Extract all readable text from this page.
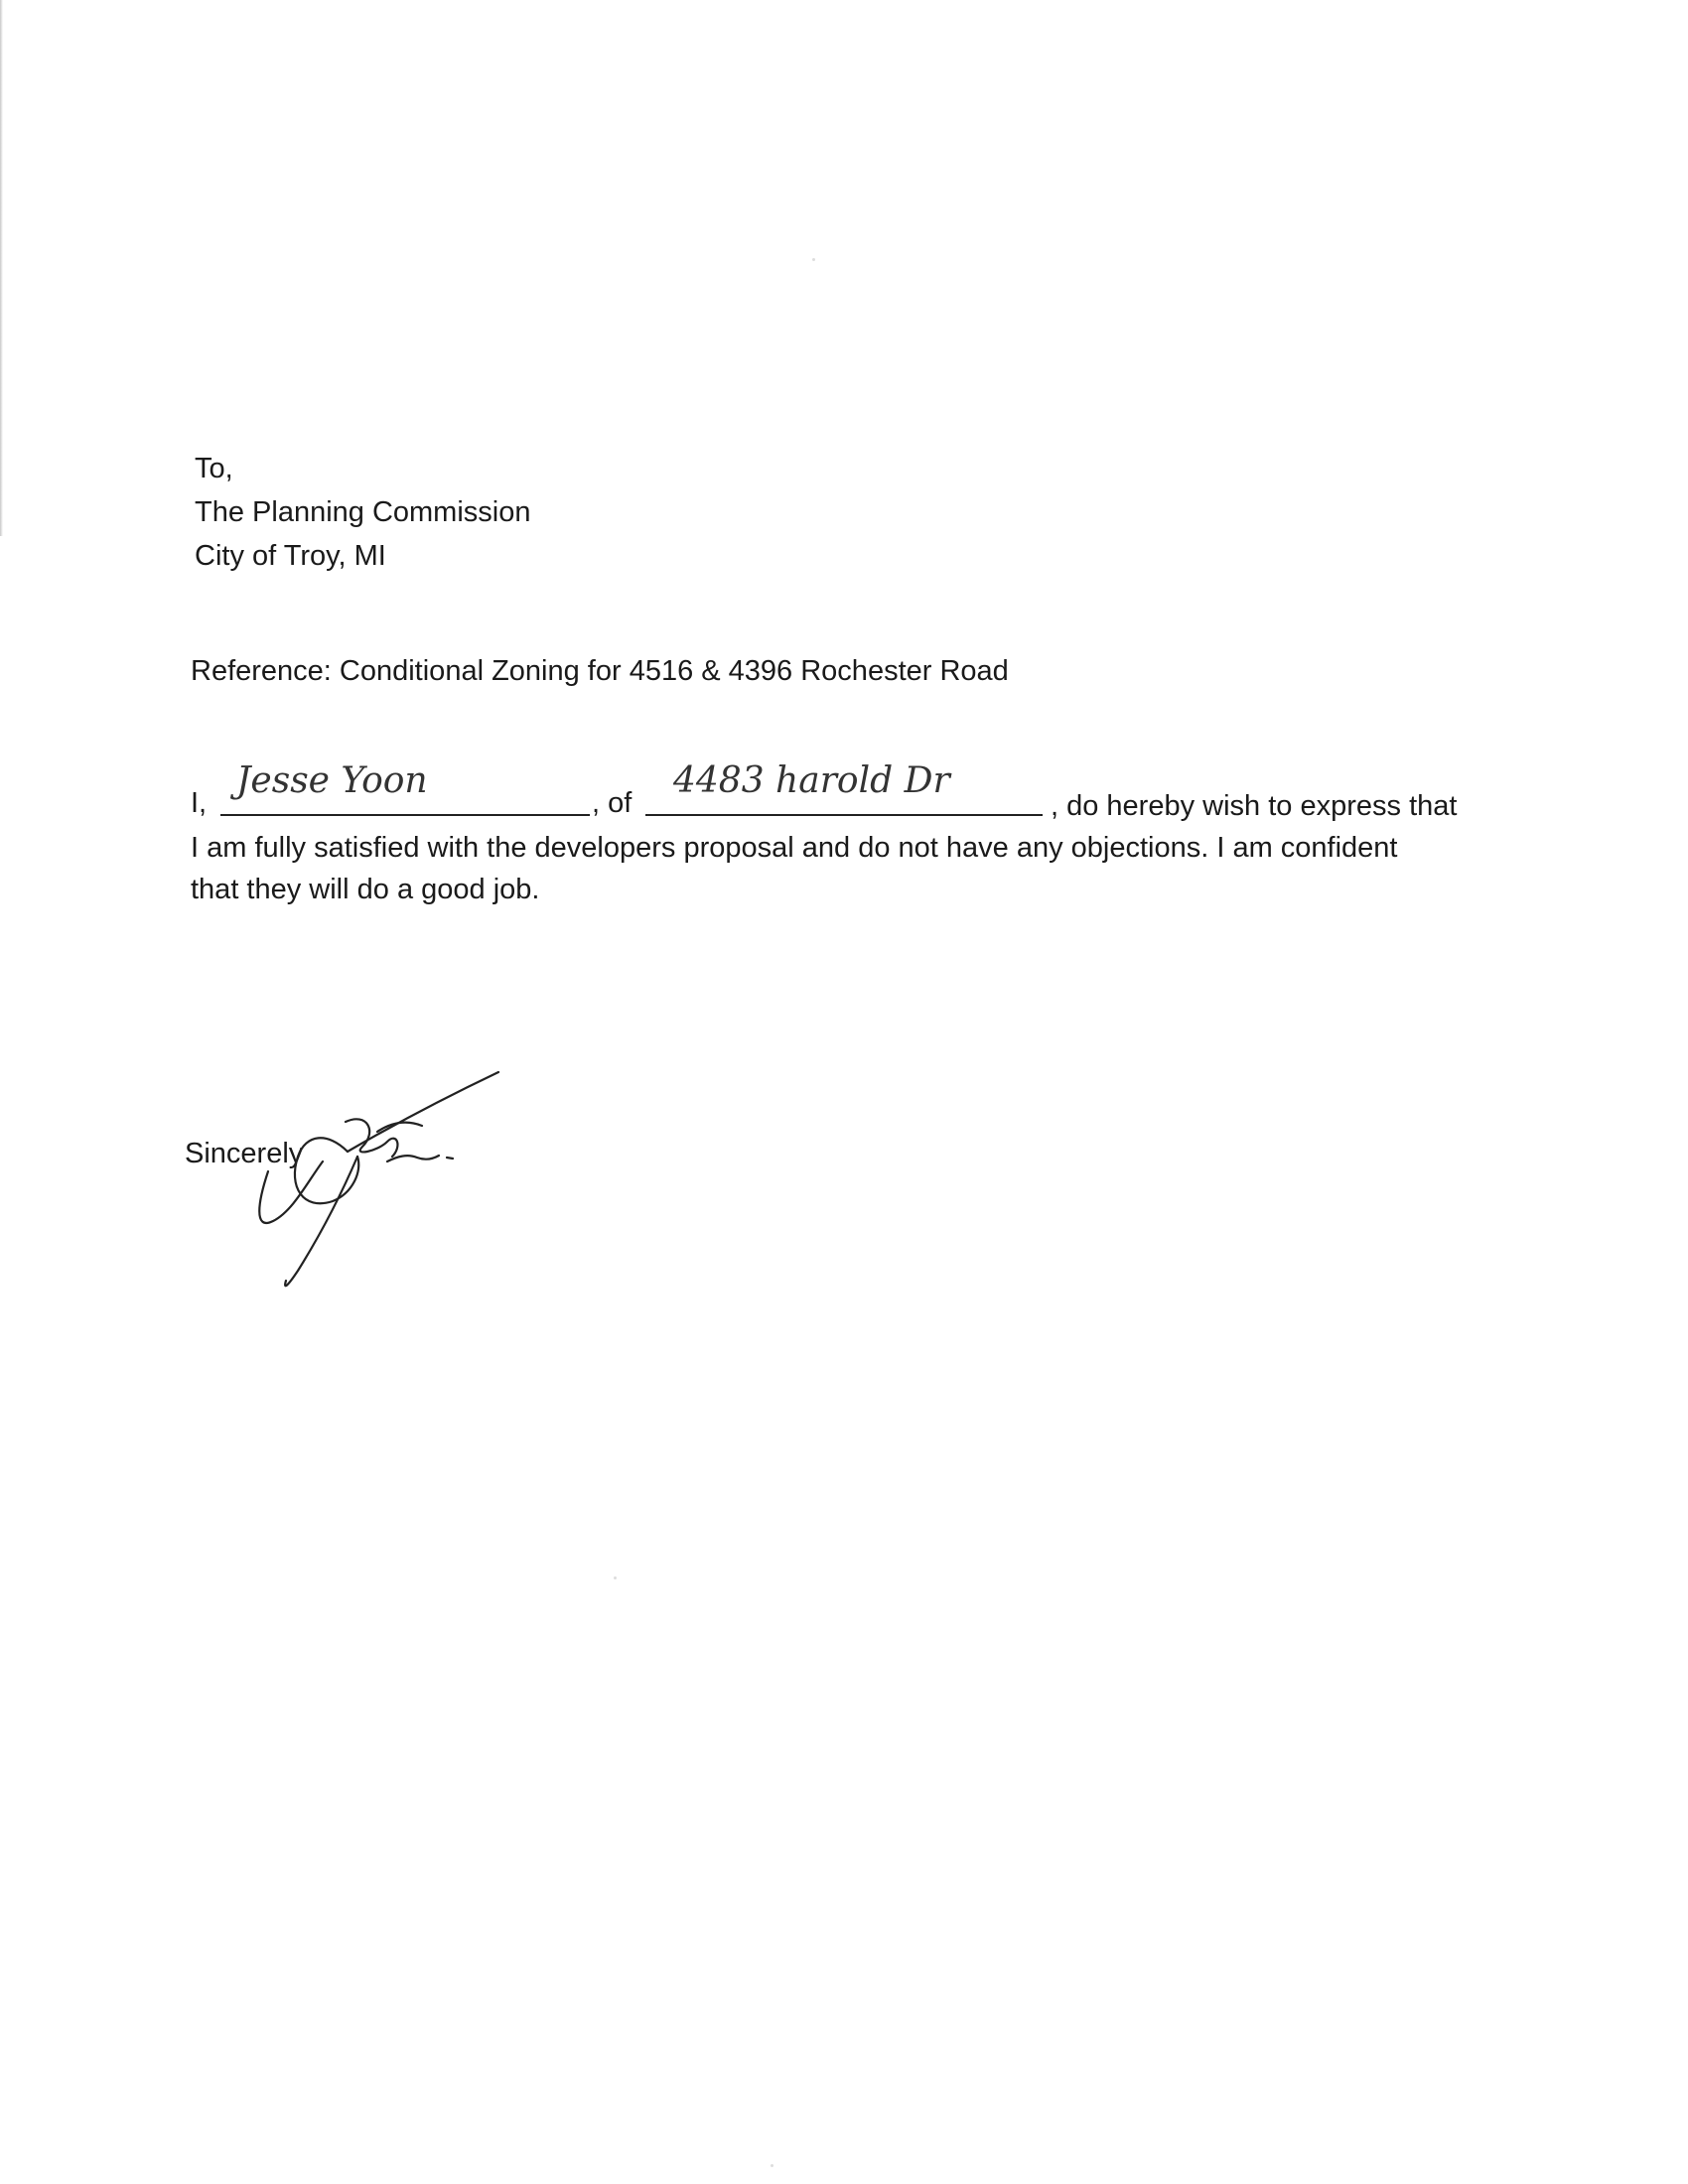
To,
The Planning Commission
City of Troy, MI
Reference: Conditional Zoning for 4516 & 4396 Rochester Road
I,
Jesse Yoon
, of
4483 harold Dr
, do hereby wish to express that
I am fully satisfied with the developers proposal and do not have any objections. I am confident
that they will do a good job.
Sincerely
